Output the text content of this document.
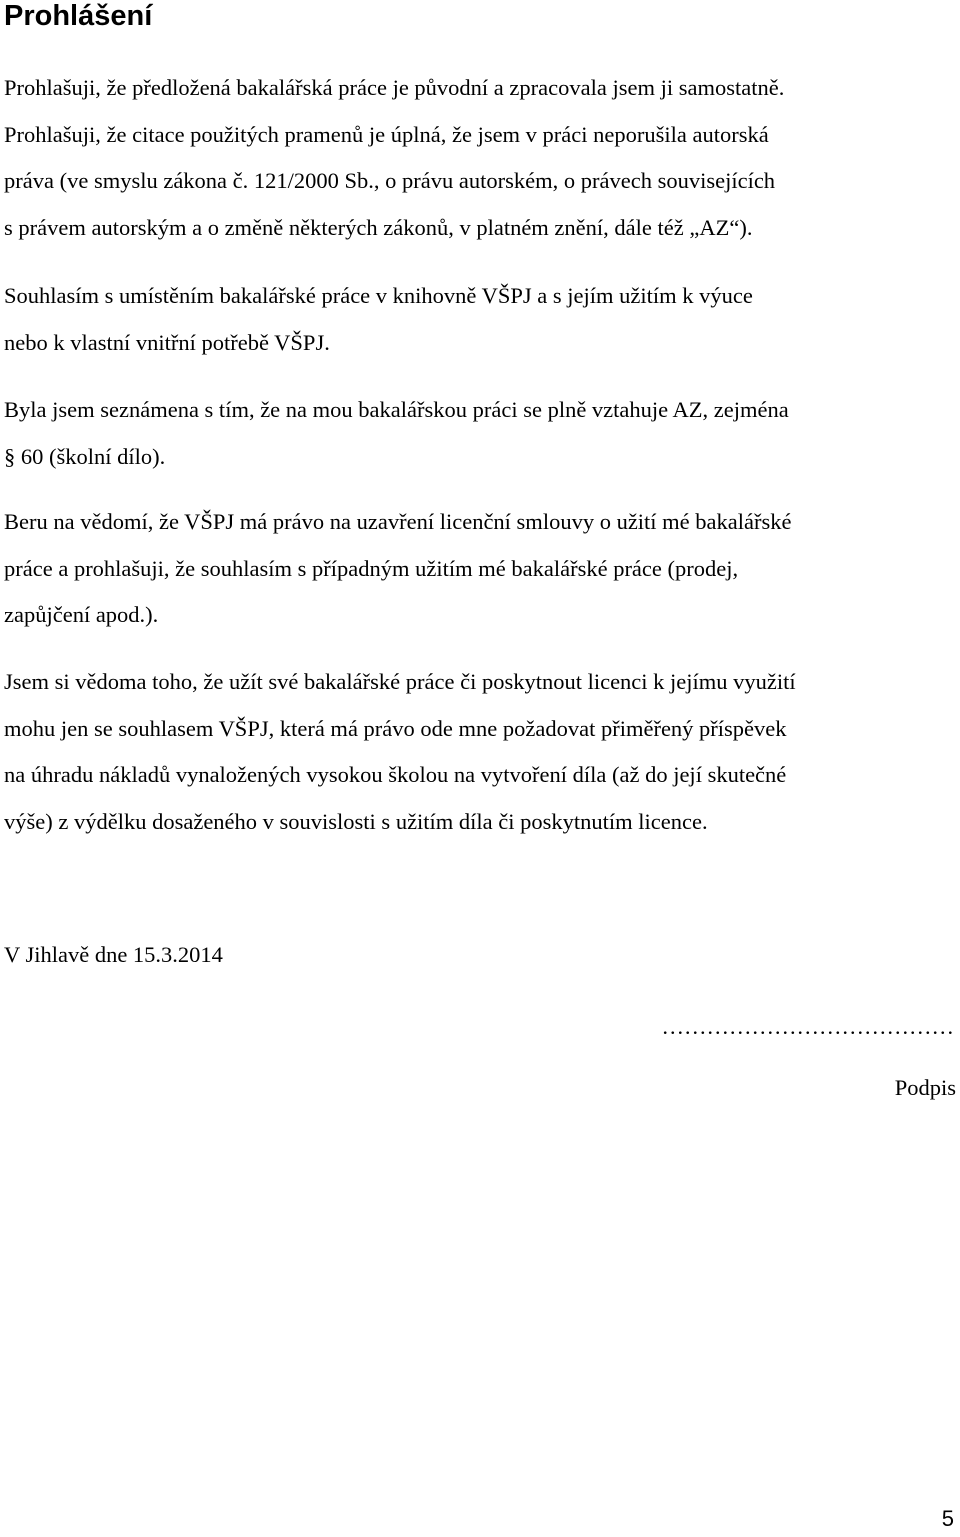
Prohlášení
Prohlašuji, že předložená bakalářská práce je původní a zpracovala jsem ji samostatně.
Prohlašuji, že citace použitých pramenů je úplná, že jsem v práci neporušila autorská
práva (ve smyslu zákona č. 121/2000 Sb., o právu autorském, o právech souvisejících
s právem autorským a o změně některých zákonů, v platném znění, dále též „AZ“).
Souhlasím s umístěním bakalářské práce v knihovně VŠPJ a s jejím užitím k výuce
nebo k vlastní vnitřní potřebě VŠPJ.
Byla jsem seznámena s tím, že na mou bakalářskou práci se plně vztahuje AZ, zejména
§ 60 (školní dílo).
Beru na vědomí, že VŠPJ má právo na uzavření licenční smlouvy o užití mé bakalářské
práce a prohlašuji, že souhlasím s případným užitím mé bakalářské práce (prodej,
zapůjčení apod.).
Jsem si vědoma toho, že užít své bakalářské práce či poskytnout licenci k jejímu využití
mohu jen se souhlasem VŠPJ, která má právo ode mne požadovat přiměřený příspěvek
na úhradu nákladů vynaložených vysokou školou na vytvoření díla (až do její skutečné
výše) z výdělku dosaženého v souvislosti s užitím díla či poskytnutím licence.

V Jihlavě dne 15.3.2014

…………………………………

Podpis

5
